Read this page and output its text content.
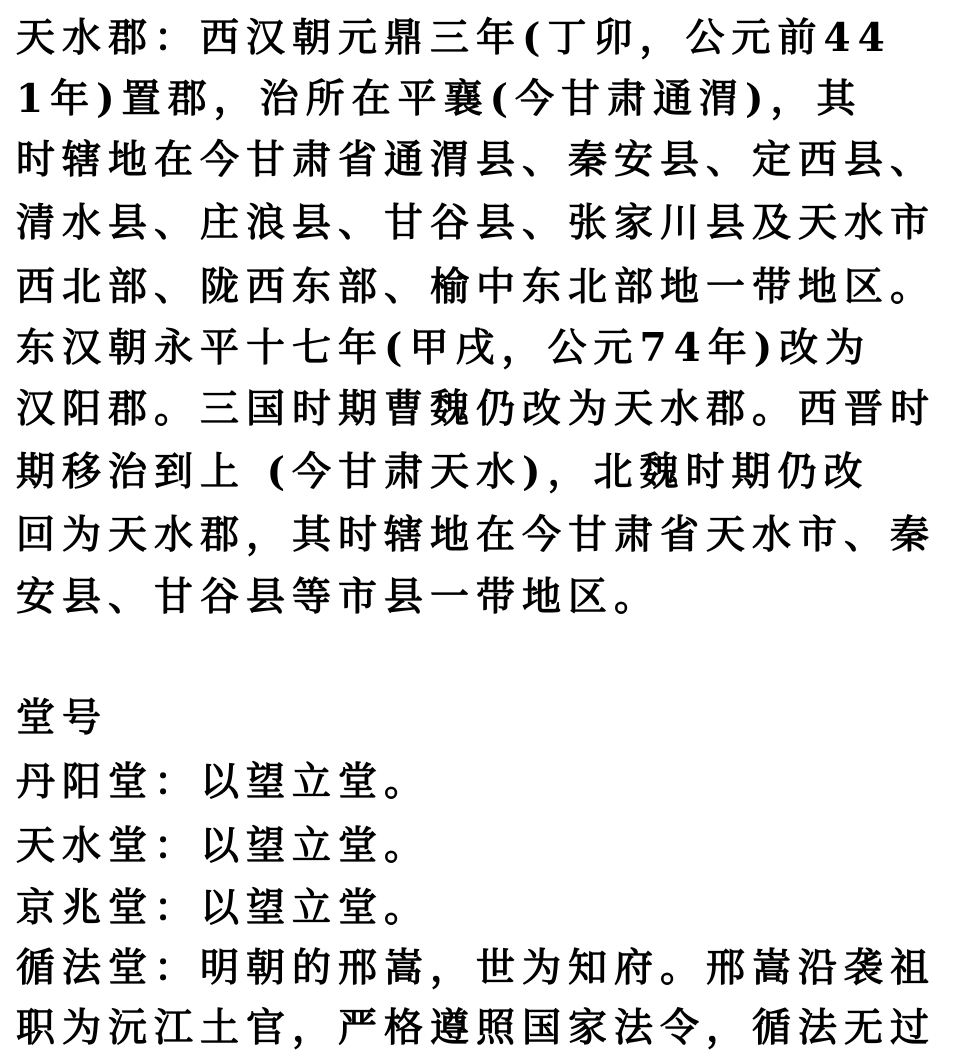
天水郡：西汉朝元鼎三年(丁卯，公元前44
1年)置郡，治所在平襄(今甘肃通渭)，其
时辖地在今甘肃省通渭县、秦安县、定西县、
清水县、庄浪县、甘谷县、张家川县及天水市
西北部、陇西东部、榆中东北部地一带地区。
东汉朝永平十七年(甲戌，公元74年)改为
汉阳郡。三国时期曹魏仍改为天水郡。西晋时
期移治到上 (今甘肃天水)，北魏时期仍改
回为天水郡，其时辖地在今甘肃省天水市、秦
安县、甘谷县等市县一带地区。
堂号
丹阳堂：以望立堂。
天水堂：以望立堂。
京兆堂：以望立堂。
循法堂：明朝的邢嵩，世为知府。邢嵩沿袭祖
职为沅江土官，严格遵照国家法令，循法无过
